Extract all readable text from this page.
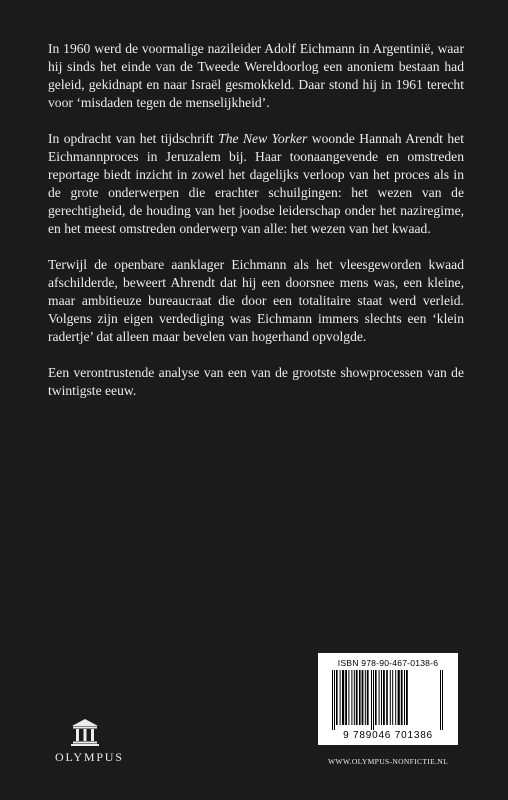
In 1960 werd de voormalige nazileider Adolf Eichmann in Argentinië, waar hij sinds het einde van de Tweede Wereldoorlog een anoniem bestaan had geleid, gekidnapt en naar Israël gesmokkeld. Daar stond hij in 1961 terecht voor ‘misdaden tegen de menselijkheid’.

In opdracht van het tijdschrift The New Yorker woonde Hannah Arendt het Eichmannproces in Jeruzalem bij. Haar toonaangevende en omstreden reportage biedt inzicht in zowel het dagelijks verloop van het proces als in de grote onderwerpen die erachter schuilgingen: het wezen van de gerechtigheid, de houding van het joodse leiderschap onder het naziregime, en het meest omstreden onderwerp van alle: het wezen van het kwaad.

Terwijl de openbare aanklager Eichmann als het vleesgeworden kwaad afschilderde, beweert Ahrendt dat hij een doorsnee mens was, een kleine, maar ambitieuze bureaucraat die door een totalitaire staat werd verleid. Volgens zijn eigen verdediging was Eichmann immers slechts een ‘klein radertje’ dat alleen maar bevelen van hogerhand opvolgde.

Een verontrustende analyse van een van de grootste showprocessen van de twintigste eeuw.

ISBN 978-90-467-0138-6
9 789046 701386
OLYMPUS	WWW.OLYMPUS-NONFICTIE.NL
